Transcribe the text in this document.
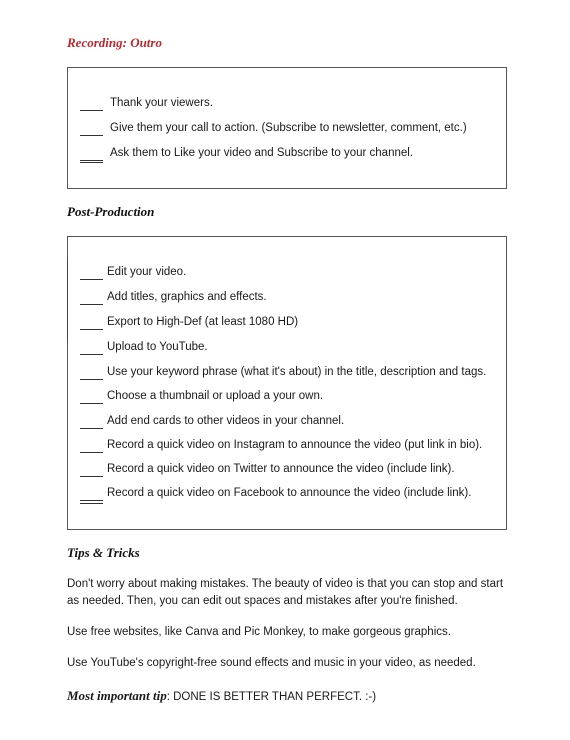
Recording: Outro
Thank your viewers.
Give them your call to action. (Subscribe to newsletter, comment, etc.)
Ask them to Like your video and Subscribe to your channel.
Post-Production
Edit your video.
Add titles, graphics and effects.
Export to High-Def (at least 1080 HD)
Upload to YouTube.
Use your keyword phrase (what it's about) in the title, description and tags.
Choose a thumbnail or upload a your own.
Add end cards to other videos in your channel.
Record a quick video on Instagram to announce the video (put link in bio).
Record a quick video on Twitter to announce the video (include link).
Record a quick video on Facebook to announce the video (include link).
Tips & Tricks
Don't worry about making mistakes. The beauty of video is that you can stop and start as needed. Then, you can edit out spaces and mistakes after you're finished.
Use free websites, like Canva and Pic Monkey, to make gorgeous graphics.
Use YouTube's copyright-free sound effects and music in your video, as needed.
Most important tip: DONE IS BETTER THAN PERFECT. :-)
